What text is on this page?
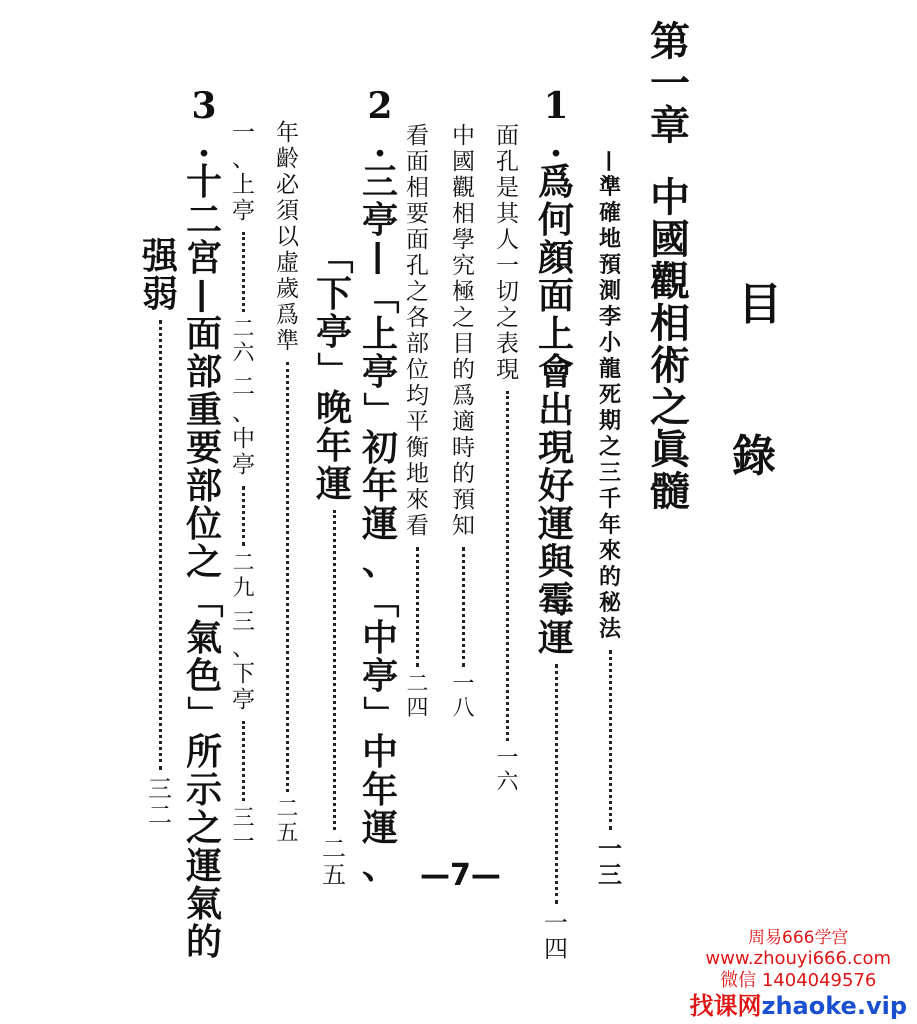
目
錄
第
一
章
中
國
觀
相
術
之
眞
髓
—
準
確
地
預
測
李
小
龍
死
期
之
三
千
年
來
的
秘
法
一
三
1
.
爲
何
顔
面
上
會
出
現
好
運
與
霉
運
一
四
面
孔
是
其
人
一
切
之
表
現
一
六
中
國
觀
相
學
究
極
之
目
的
爲
適
時
的
預
知
一
八
看
面
相
要
面
孔
之
各
部
位
均
平
衡
地
來
看
二
四
2
.
三
亭
—
「
上
亭
」
初
年
運
、
「
中
亭
」
中
年
運
、
「
下
亭
」
晚
年
運
二
五
年
齡
必
須
以
虛
歲
爲
準
二
五
一
、
上
亭
二
六
二
、
中
亭
二
九
三
、
下
亭
三
一
3
.
十
二
宮
—
面
部
重
要
部
位
之
「
氣
色
」
所
示
之
運
氣
的
强
弱
三
二
—7—
周易666学宫
www.zhouyi666.com
微信 1404049576
找课网zhaoke.vip
